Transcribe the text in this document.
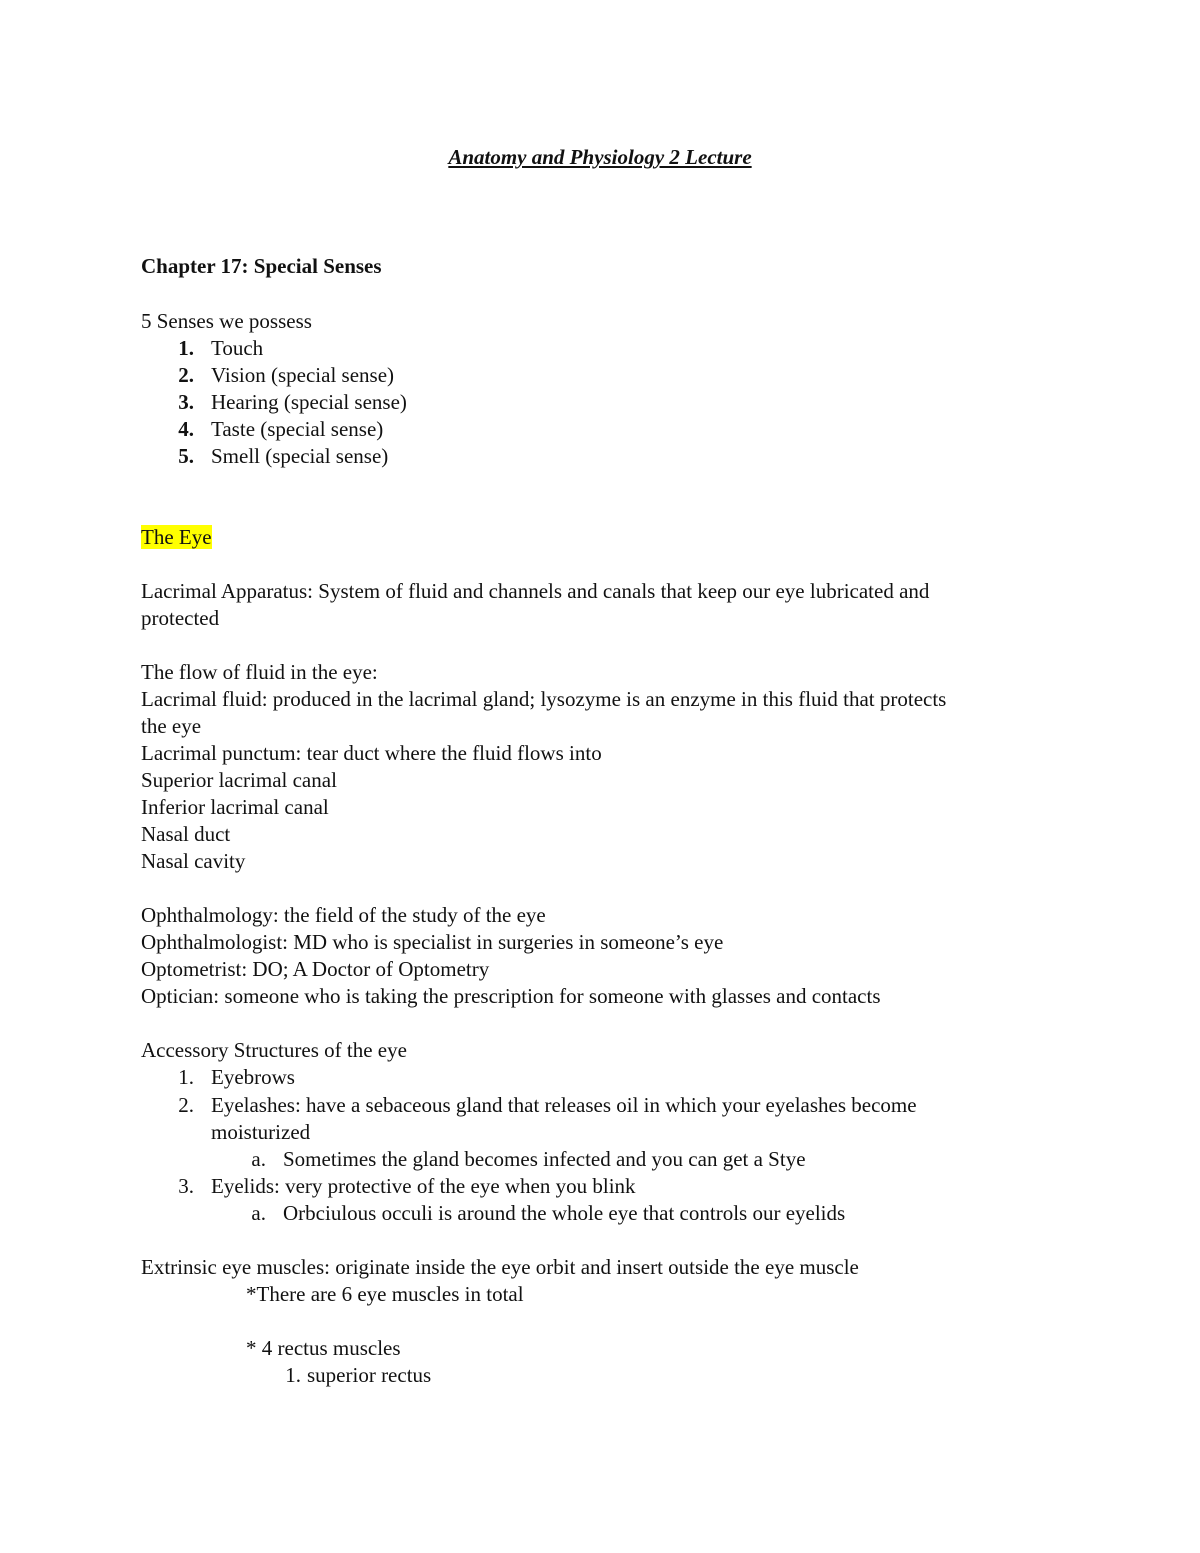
Anatomy and Physiology 2 Lecture
Chapter 17: Special Senses
5 Senses we possess
1. Touch
2. Vision (special sense)
3. Hearing (special sense)
4. Taste (special sense)
5. Smell (special sense)
The Eye
Lacrimal Apparatus: System of fluid and channels and canals that keep our eye lubricated and
protected
The flow of fluid in the eye:
Lacrimal fluid: produced in the lacrimal gland; lysozyme is an enzyme in this fluid that protects
the eye
Lacrimal punctum: tear duct where the fluid flows into
Superior lacrimal canal
Inferior lacrimal canal
Nasal duct
Nasal cavity
Ophthalmology: the field of the study of the eye
Ophthalmologist: MD who is specialist in surgeries in someone’s eye
Optometrist: DO; A Doctor of Optometry
Optician: someone who is taking the prescription for someone with glasses and contacts
Accessory Structures of the eye
1. Eyebrows
2. Eyelashes: have a sebaceous gland that releases oil in which your eyelashes become
moisturized
a. Sometimes the gland becomes infected and you can get a Stye
3. Eyelids: very protective of the eye when you blink
a. Orbciulous occuli is around the whole eye that controls our eyelids
Extrinsic eye muscles: originate inside the eye orbit and insert outside the eye muscle
*There are 6 eye muscles in total
* 4 rectus muscles
1. superior rectus
